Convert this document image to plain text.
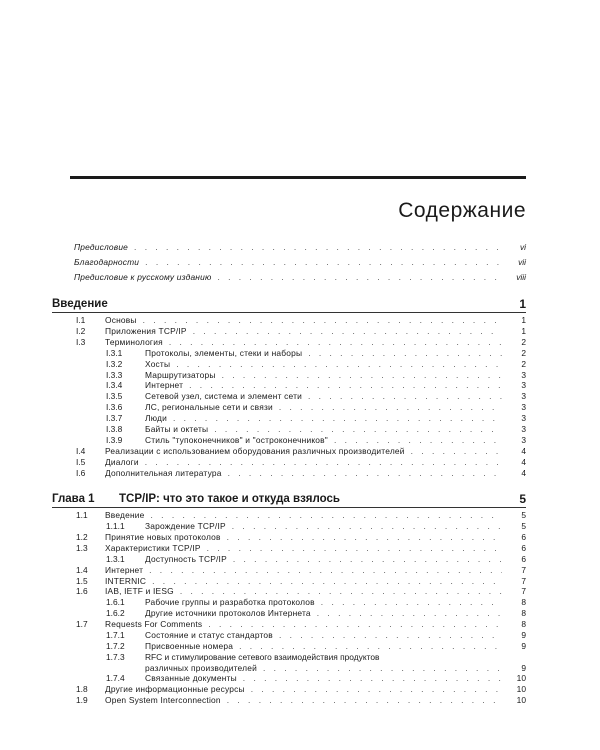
Содержание
Предисловие . . .	vi
Благодарности . . .	vii
Предисловие к русскому изданию . . .	viii
Введение	1
I.1 Основы . . .	1
I.2 Приложения TCP/IP . . .	1
I.3 Терминология . . .	2
I.3.1	Протоколы, элементы, стеки и наборы . . .	2
I.3.2	Хосты . . .	2
I.3.3	Маршрутизаторы . . .	3
I.3.4	Интернет . . .	3
I.3.5	Сетевой узел, система и элемент сети . . .	3
I.3.6	ЛС, региональные сети и связи . . .	3
I.3.7	Люди . . .	3
I.3.8	Байты и октеты . . .	3
I.3.9	Стиль "тупоконечников" и "остроконечников" . . .	3
I.4 Реализации с использованием оборудования различных производителей . . .	4
I.5 Диалоги . . .	4
I.6 Дополнительная литература . . .	4
Глава 1 TCP/IP: что это такое и откуда взялось	5
1.1 Введение . . .	5
1.1.1 Зарождение TCP/IP . . .	5
1.2 Принятие новых протоколов . . .	6
1.3 Характеристики TCP/IP . . .	6
1.3.1 Доступность TCP/IP . . .	6
1.4 Интернет . . .	7
1.5 INTERNIC . . .	7
1.6 IAB, IETF и IESG . . .	7
1.6.1 Рабочие группы и разработка протоколов . . .	8
1.6.2 Другие источники протоколов Интернета . . .	8
1.7 Requests For Comments . . .	8
1.7.1 Состояние и статус стандартов . . .	9
1.7.2 Присвоенные номера . . .	9
1.7.3 RFC и стимулирование сетевого взаимодействия продуктов
различных производителей . . .	9
1.7.4 Связанные документы . . .	10
1.8 Другие информационные ресурсы . . .	10
1.9 Open System Interconnection . . .	10
